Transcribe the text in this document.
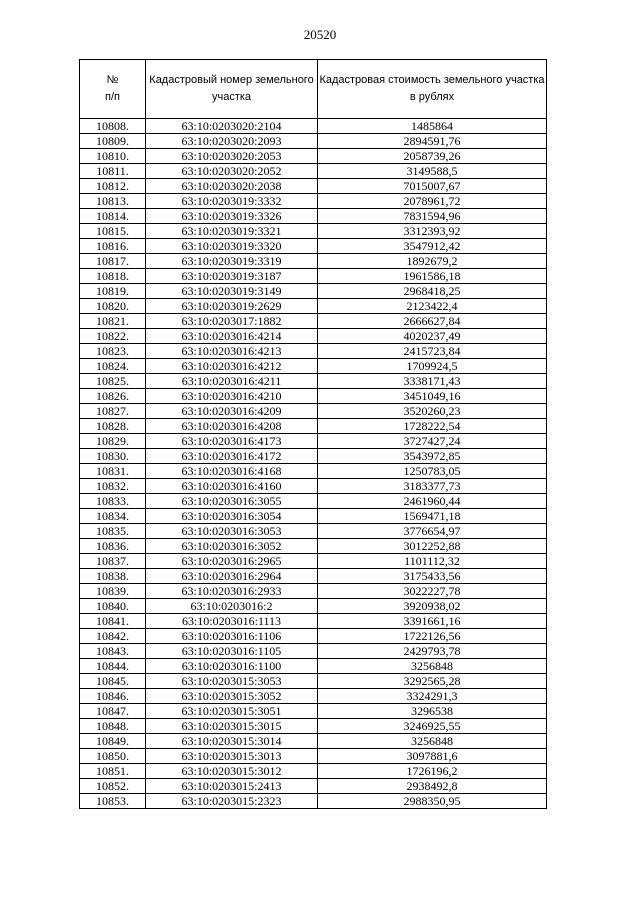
20520
№
п/п	Кадастровый номер земельного участка	Кадастровая стоимость земельного участка в рублях
10808.	63:10:0203020:2104	1485864
10809.	63:10:0203020:2093	2894591,76
10810.	63:10:0203020:2053	2058739,26
10811.	63:10:0203020:2052	3149588,5
10812.	63:10:0203020:2038	7015007,67
10813.	63:10:0203019:3332	2078961,72
10814.	63:10:0203019:3326	7831594,96
10815.	63:10:0203019:3321	3312393,92
10816.	63:10:0203019:3320	3547912,42
10817.	63:10:0203019:3319	1892679,2
10818.	63:10:0203019:3187	1961586,18
10819.	63:10:0203019:3149	2968418,25
10820.	63:10:0203019:2629	2123422,4
10821.	63:10:0203017:1882	2666627,84
10822.	63:10:0203016:4214	4020237,49
10823.	63:10:0203016:4213	2415723,84
10824.	63:10:0203016:4212	1709924,5
10825.	63:10:0203016:4211	3338171,43
10826.	63:10:0203016:4210	3451049,16
10827.	63:10:0203016:4209	3520260,23
10828.	63:10:0203016:4208	1728222,54
10829.	63:10:0203016:4173	3727427,24
10830.	63:10:0203016:4172	3543972,85
10831.	63:10:0203016:4168	1250783,05
10832.	63:10:0203016:4160	3183377,73
10833.	63:10:0203016:3055	2461960,44
10834.	63:10:0203016:3054	1569471,18
10835.	63:10:0203016:3053	3776654,97
10836.	63:10:0203016:3052	3012252,88
10837.	63:10:0203016:2965	1101112,32
10838.	63:10:0203016:2964	3175433,56
10839.	63:10:0203016:2933	3022227,78
10840.	63:10:0203016:2	3920938,02
10841.	63:10:0203016:1113	3391661,16
10842.	63:10:0203016:1106	1722126,56
10843.	63:10:0203016:1105	2429793,78
10844.	63:10:0203016:1100	3256848
10845.	63:10:0203015:3053	3292565,28
10846.	63:10:0203015:3052	3324291,3
10847.	63:10:0203015:3051	3296538
10848.	63:10:0203015:3015	3246925,55
10849.	63:10:0203015:3014	3256848
10850.	63:10:0203015:3013	3097881,6
10851.	63:10:0203015:3012	1726196,2
10852.	63:10:0203015:2413	2938492,8
10853.	63:10:0203015:2323	2988350,95
